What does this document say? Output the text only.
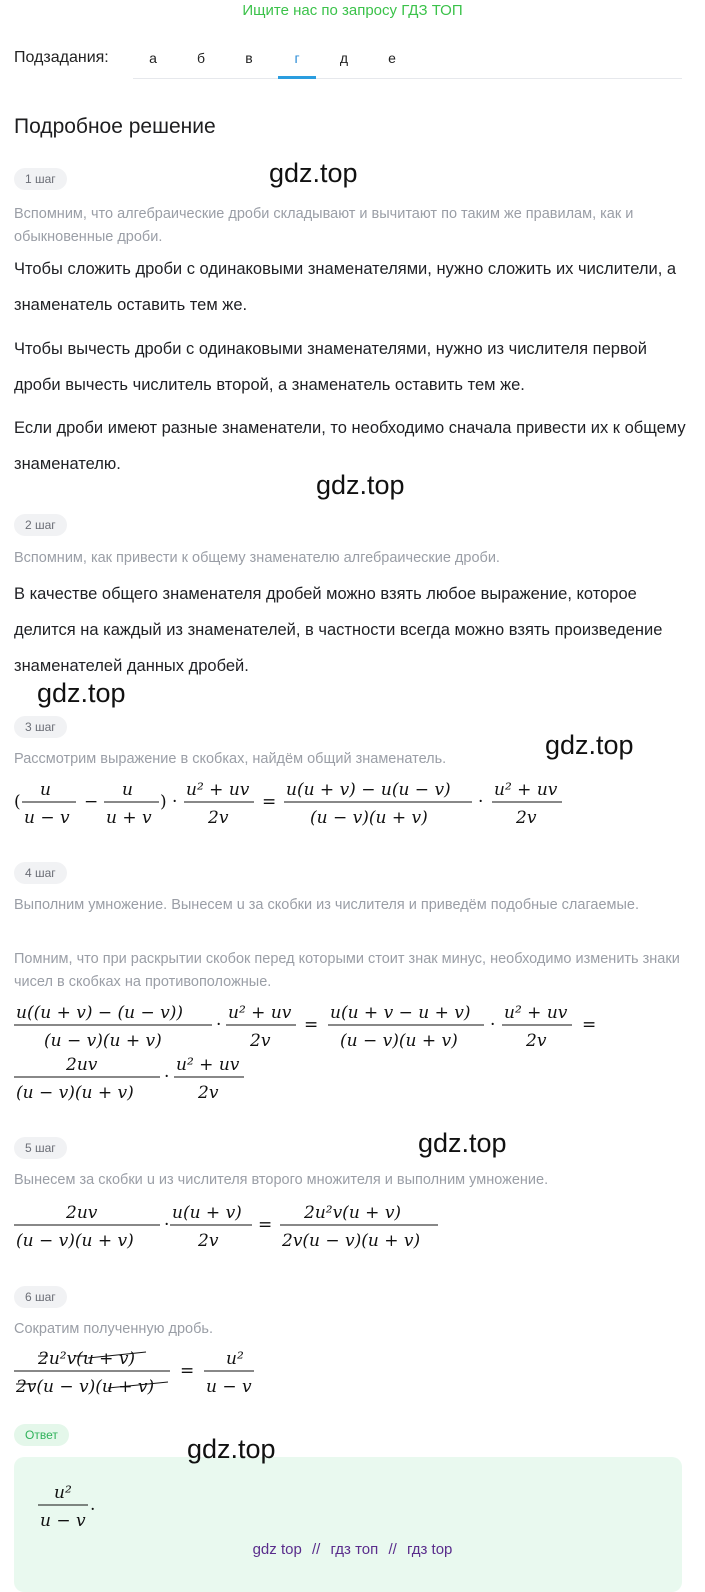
Ищите нас по запросу ГДЗ ТОП
Подзадания:	а	б	в	г	д	е
Подробное решение
1 шаг	gdz.top
Вспомним, что алгебраические дроби складывают и вычитают по таким же правилам, как и обыкновенные дроби.
Чтобы сложить дроби с одинаковыми знаменателями, нужно сложить их числители, а знаменатель оставить тем же.
Чтобы вычесть дроби с одинаковыми знаменателями, нужно из числителя первой дроби вычесть числитель второй, а знаменатель оставить тем же.
Если дроби имеют разные знаменатели, то необходимо сначала привести их к общему знаменателю.
gdz.top
2 шаг
Вспомним, как привести к общему знаменателю алгебраические дроби.
В качестве общего знаменателя дробей можно взять любое выражение, которое делится на каждый из знаменателей, в частности всегда можно взять произведение знаменателей данных дробей.
gdz.top
3 шаг
gdz.top
Рассмотрим выражение в скобках, найдём общий знаменатель.
(
u
u − v
−
u
u + v
) ·
u² + uv
2v
=
u(u + v) − u(u − v)
(u − v)(u + v)
·
u² + uv
2v
4 шаг
Выполним умножение. Вынесем u за скобки из числителя и приведём подобные слагаемые.
Помним, что при раскрытии скобок перед которыми стоит знак минус, необходимо изменить знаки чисел в скобках на противоположные.
u((u + v) − (u − v))
(u − v)(u + v)
·
u² + uv
2v
=
u(u + v − u + v)
(u − v)(u + v)
·
u² + uv
2v
=
2uv
(u − v)(u + v)
·
u² + uv
2v
gdz.top
5 шаг
Вынесем за скобки u из числителя второго множителя и выполним умножение.
2uv
(u − v)(u + v)
·
u(u + v)
2v
=
2u²v(u + v)
2v(u − v)(u + v)
6 шаг
Сократим полученную дробь.
2u²v(u + v)
2v(u − v)(u + v)
=
u²
u − v
Ответ	gdz.top
u²
u − v
.
gdz top // гдз топ // гдз top
